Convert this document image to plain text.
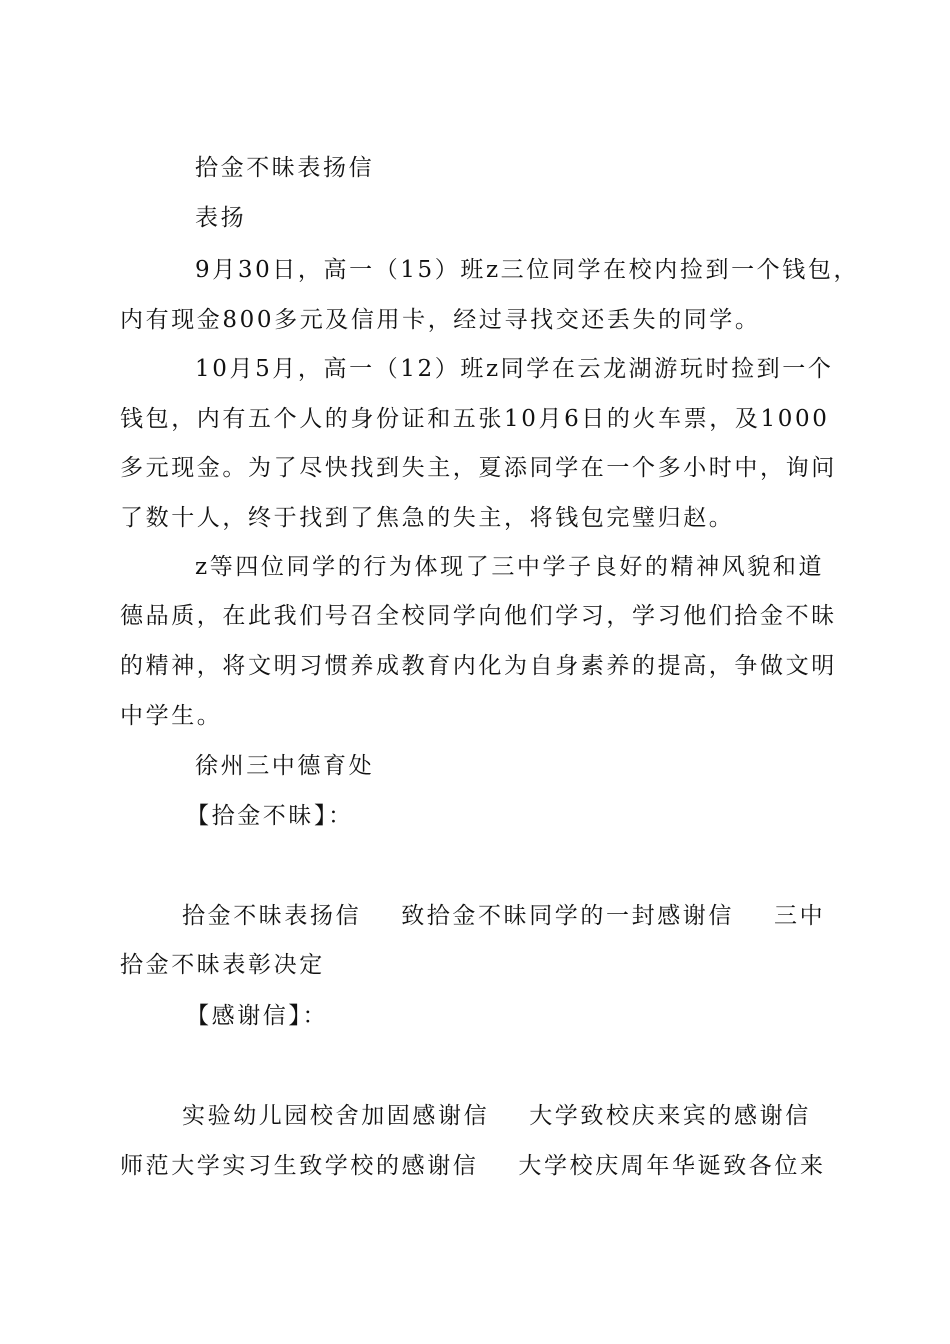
拾金不昧表扬信

表扬

9月30日，高一（15）班z三位同学在校内捡到一个钱包，

内有现金800多元及信用卡，经过寻找交还丢失的同学。

10月5月，高一（12）班z同学在云龙湖游玩时捡到一个

钱包，内有五个人的身份证和五张10月6日的火车票，及1000

多元现金。为了尽快找到失主，夏添同学在一个多小时中，询问

了数十人，终于找到了焦急的失主，将钱包完璧归赵。

z等四位同学的行为体现了三中学子良好的精神风貌和道

德品质，在此我们号召全校同学向他们学习，学习他们拾金不昧

的精神，将文明习惯养成教育内化为自身素养的提高，争做文明

中学生。

徐州三中德育处

【拾金不昧】：

拾金不昧表扬信 致拾金不昧同学的一封感谢信 三中

拾金不昧表彰决定

【感谢信】：

实验幼儿园校舍加固感谢信 大学致校庆来宾的感谢信

师范大学实习生致学校的感谢信 大学校庆周年华诞致各位来
